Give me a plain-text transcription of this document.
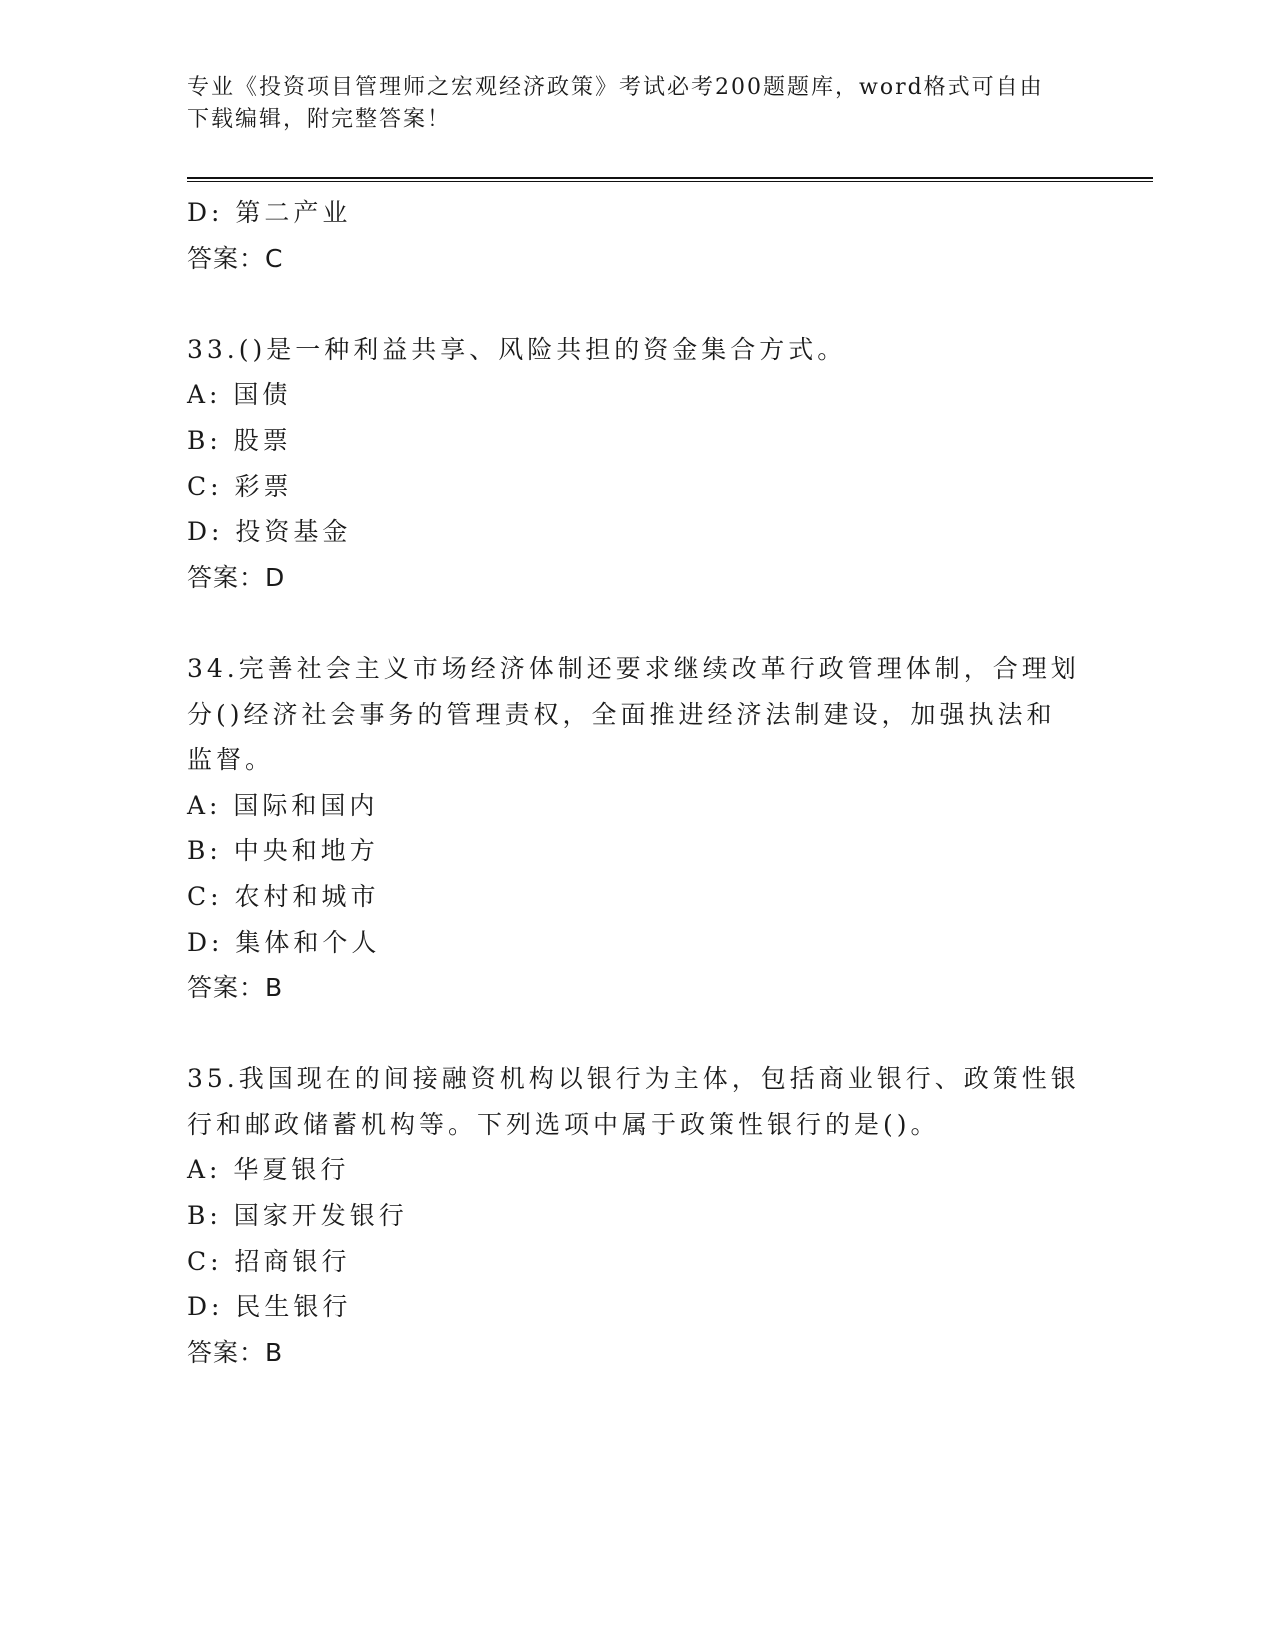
专业《投资项目管理师之宏观经济政策》考试必考200题题库，word格式可自由
下载编辑，附完整答案！
D: 第二产业
答案：C
33.()是一种利益共享、风险共担的资金集合方式。
A: 国债
B: 股票
C: 彩票
D: 投资基金
答案：D
34.完善社会主义市场经济体制还要求继续改革行政管理体制，合理划
分()经济社会事务的管理责权，全面推进经济法制建设，加强执法和
监督。
A: 国际和国内
B: 中央和地方
C: 农村和城市
D: 集体和个人
答案：B
35.我国现在的间接融资机构以银行为主体，包括商业银行、政策性银
行和邮政储蓄机构等。下列选项中属于政策性银行的是()。
A: 华夏银行
B: 国家开发银行
C: 招商银行
D: 民生银行
答案：B
